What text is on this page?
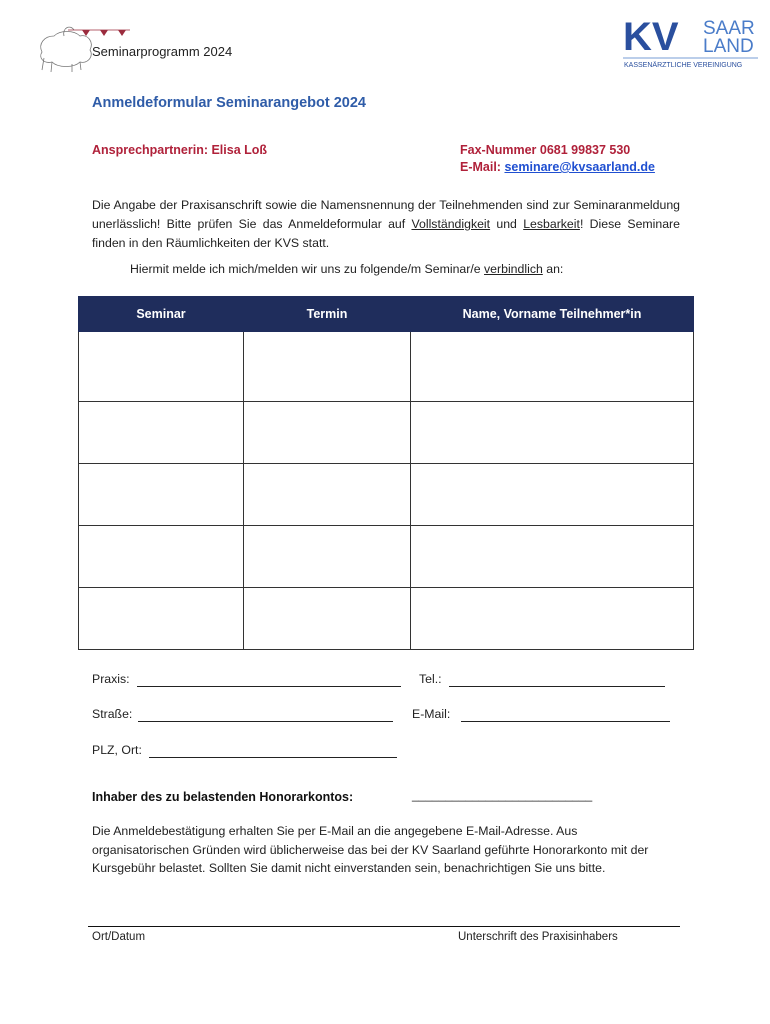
Seminarprogramm 2024	KV SAAR
LAND
KASSENÄRZTLICHE VEREINIGUNG
Anmeldeformular Seminarangebot 2024
Ansprechpartnerin: Elisa Loß	Fax-Nummer 0681 99837 530
E-Mail: seminare@kvsaarland.de
Die Angabe der Praxisanschrift sowie die Namensnennung der Teilnehmenden sind zur Seminaranmeldung unerlässlich! Bitte prüfen Sie das Anmeldeformular auf Vollständigkeit und Lesbarkeit! Diese Seminare finden in den Räumlichkeiten der KVS statt.
Hiermit melde ich mich/melden wir uns zu folgende/m Seminar/e verbindlich an:
Seminar	Termin	Name, Vorname Teilnehmer*in

Praxis:	Tel.:
Straße:	E-Mail:
PLZ, Ort:
Inhaber des zu belastenden Honorarkontos:	___________________________
Die Anmeldebestätigung erhalten Sie per E-Mail an die angegebene E-Mail-Adresse. Aus organisatorischen Gründen wird üblicherweise das bei der KV Saarland geführte Honorarkonto mit der Kursgebühr belastet. Sollten Sie damit nicht einverstanden sein, benachrichtigen Sie uns bitte.
Ort/Datum	Unterschrift des Praxisinhabers
